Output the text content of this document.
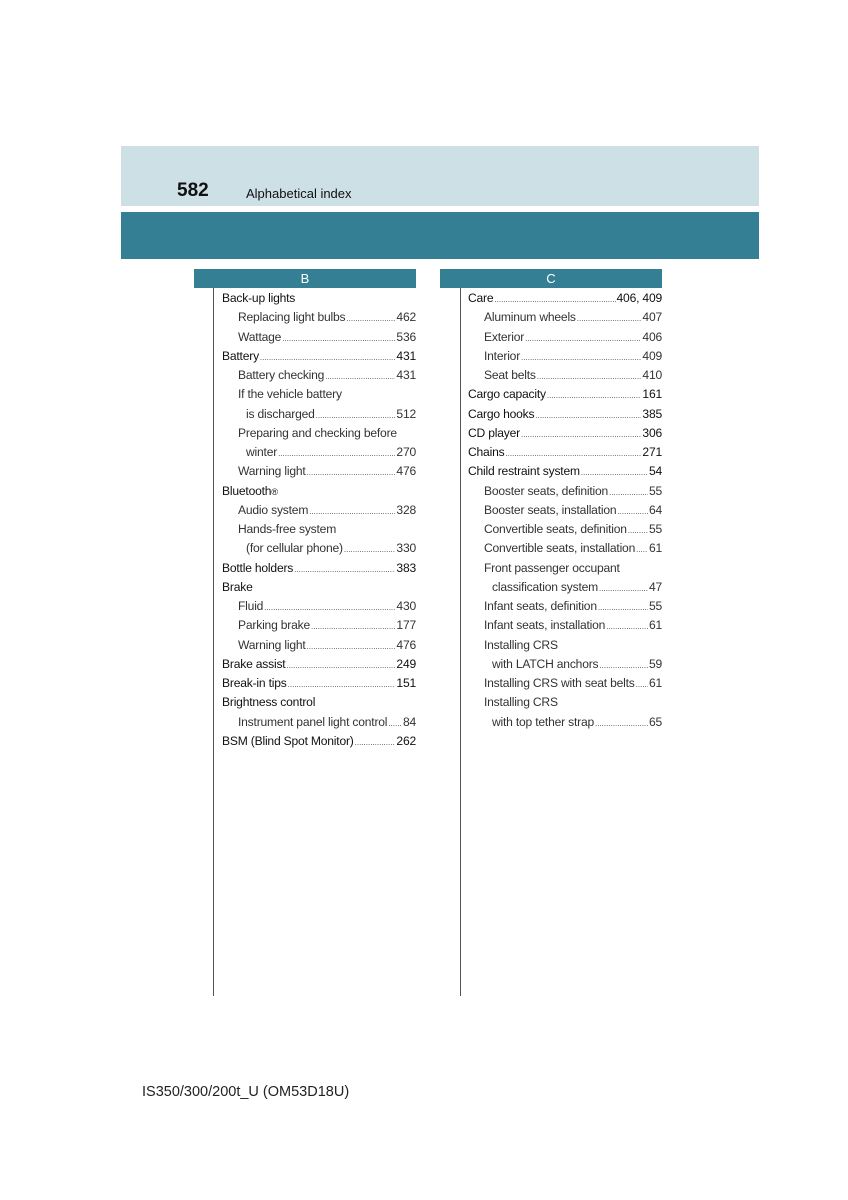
582	Alphabetical index
B	C
Back-up lights
Replacing light bulbs .....	462
Wattage .....	536
Battery .....	431
Battery checking .....	431
If the vehicle battery
is discharged .....	512
Preparing and checking before
winter .....	270
Warning light .....	476
Bluetooth ®
Audio system .....	328
Hands-free system
(for cellular phone) .....	330
Bottle holders .....	383
Brake
Fluid .....	430
Parking brake .....	177
Warning light .....	476
Brake assist .....	249
Break-in tips .....	151
Brightness control
Instrument panel light control ..... 84
BSM (Blind Spot Monitor) .....	262
Care .....	406, 409
Aluminum wheels .....	407
Exterior .....	406
Interior .....	409
Seat belts .....	410
Cargo capacity .....	161
Cargo hooks .....	385
CD player .....	306
Chains .....	271
Child restraint system .....	54
Booster seats, definition .....	55
Booster seats, installation .....	64
Convertible seats, definition ..... 55
Convertible seats, installation ..... 61
Front passenger occupant
classification system .....	47
Infant seats, definition .....	55
Infant seats, installation .....	61
Installing CRS
with LATCH anchors .....	59
Installing CRS with seat belts ..... 61
Installing CRS
with top tether strap .....	65
IS350/300/200t_U (OM53D18U)
